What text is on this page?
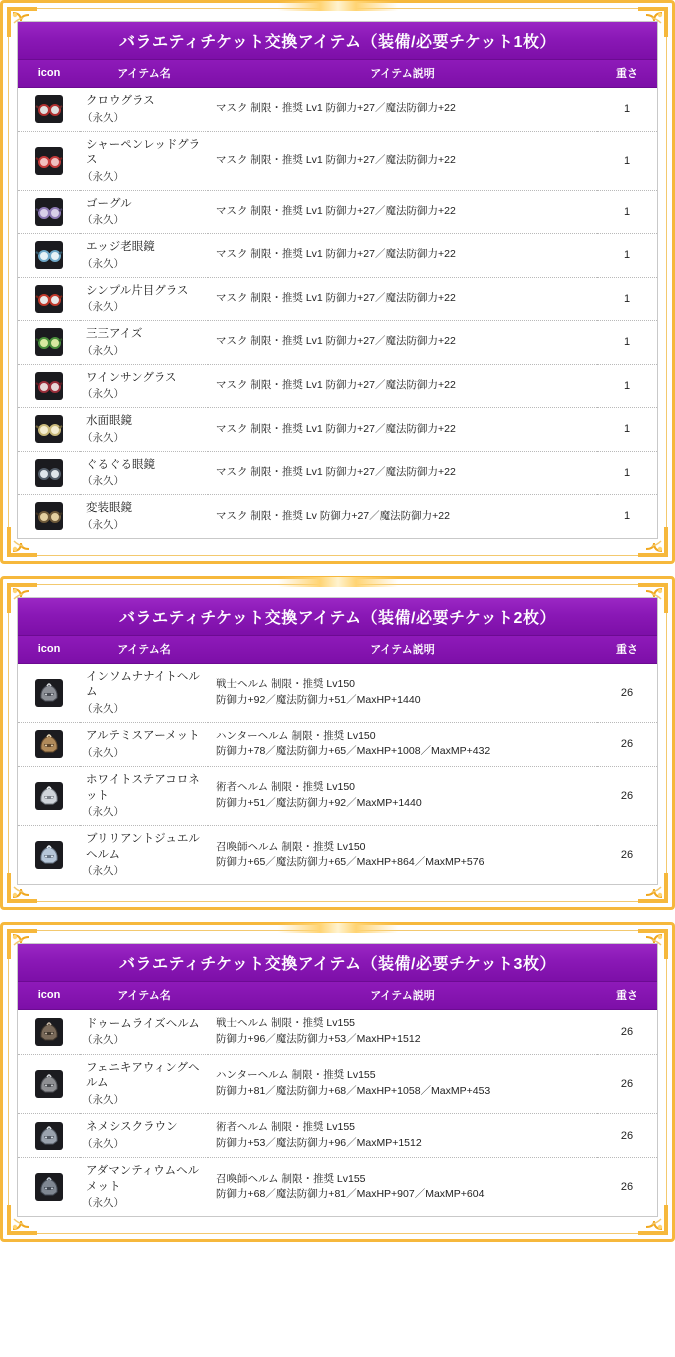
バラエティチケット交換アイテム（装備/必要チケット1枚）
icon	アイテム名	アイテム説明	重さ

クロウグラス
（永久）	マスク 制限・推奨 Lv1 防御力+27／魔法防御力+22	1

シャーペンレッドグラス
（永久）	マスク 制限・推奨 Lv1 防御力+27／魔法防御力+22	1

ゴーグル
（永久）	マスク 制限・推奨 Lv1 防御力+27／魔法防御力+22	1

エッジ老眼鏡
（永久）	マスク 制限・推奨 Lv1 防御力+27／魔法防御力+22	1

シンプル片目グラス
（永久）	マスク 制限・推奨 Lv1 防御力+27／魔法防御力+22	1

三三アイズ
（永久）	マスク 制限・推奨 Lv1 防御力+27／魔法防御力+22	1

ワインサングラス
（永久）	マスク 制限・推奨 Lv1 防御力+27／魔法防御力+22	1

水面眼鏡
（永久）	マスク 制限・推奨 Lv1 防御力+27／魔法防御力+22	1

ぐるぐる眼鏡
（永久）	マスク 制限・推奨 Lv1 防御力+27／魔法防御力+22	1

変装眼鏡
（永久）	マスク 制限・推奨 Lv 防御力+27／魔法防御力+22	1
バラエティチケット交換アイテム（装備/必要チケット2枚）
icon	アイテム名	アイテム説明	重さ

インソムナナイトヘルム
（永久）	戦士ヘルム 制限・推奨 Lv150
防御力+92／魔法防御力+51／MaxHP+1440	26

アルテミスアーメット
（永久）	ハンターヘルム 制限・推奨 Lv150
防御力+78／魔法防御力+65／MaxHP+1008／MaxMP+432	26

ホワイトステアコロネット
（永久）	術者ヘルム 制限・推奨 Lv150
防御力+51／魔法防御力+92／MaxMP+1440	26

ブリリアントジュエルヘルム
（永久）	召喚師ヘルム 制限・推奨 Lv150
防御力+65／魔法防御力+65／MaxHP+864／MaxMP+576	26
バラエティチケット交換アイテム（装備/必要チケット3枚）
icon	アイテム名	アイテム説明	重さ

ドゥームライズヘルム
（永久）	戦士ヘルム 制限・推奨 Lv155
防御力+96／魔法防御力+53／MaxHP+1512	26

フェニキアウィングヘルム
（永久）	ハンターヘルム 制限・推奨 Lv155
防御力+81／魔法防御力+68／MaxHP+1058／MaxMP+453	26

ネメシスクラウン
（永久）	術者ヘルム 制限・推奨 Lv155
防御力+53／魔法防御力+96／MaxMP+1512	26

アダマンティウムヘルメット
（永久）	召喚師ヘルム 制限・推奨 Lv155
防御力+68／魔法防御力+81／MaxHP+907／MaxMP+604	26
